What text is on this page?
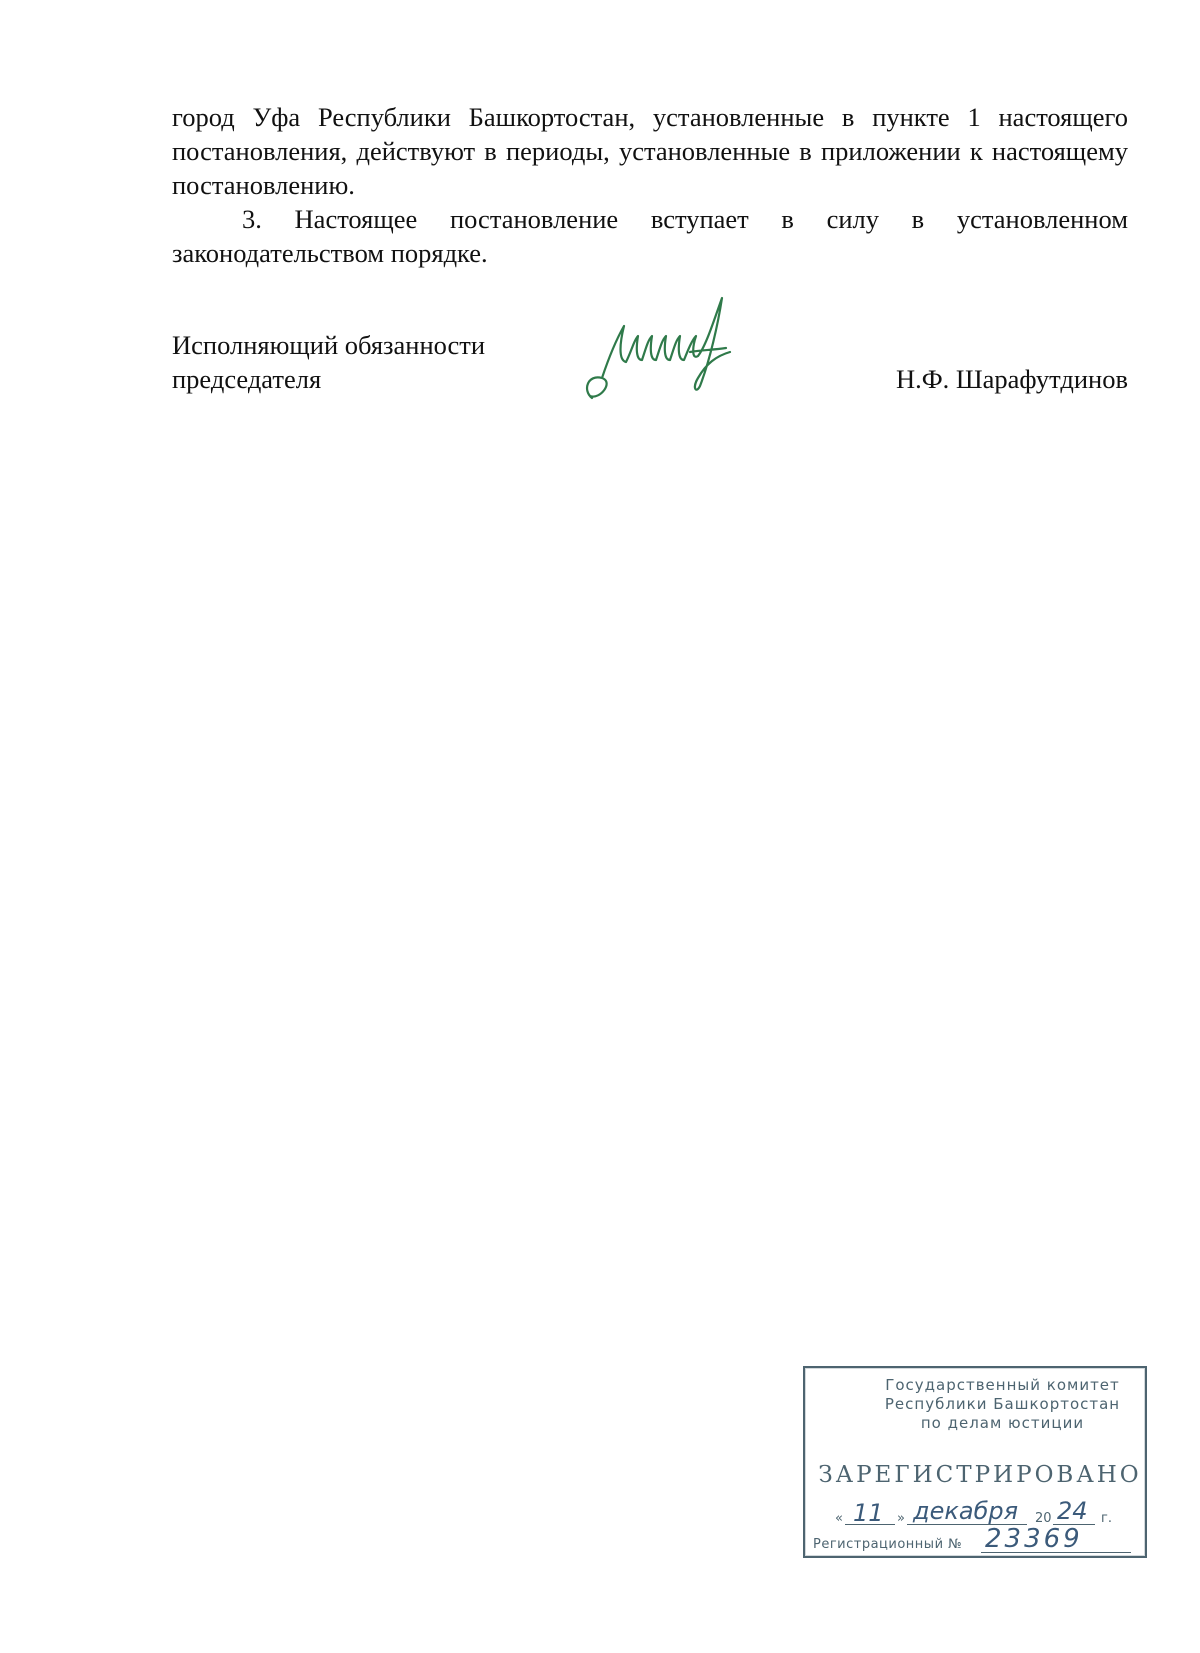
город Уфа Республики Башкортостан, установленные в пункте 1 настоящего постановления, действуют в периоды, установленные в приложении к настоящему постановлению.

3. Настоящее постановление вступает в силу в установленном законодательством порядке.

Исполняющий обязанности
председателя	Н.Ф. Шарафутдинов
Государственный комитет
Республики Башкортостан
по делам юстиции
ЗАРЕГИСТРИРОВАНО
« 11 » декабря 20 24 г.
Регистрационный № 23369
